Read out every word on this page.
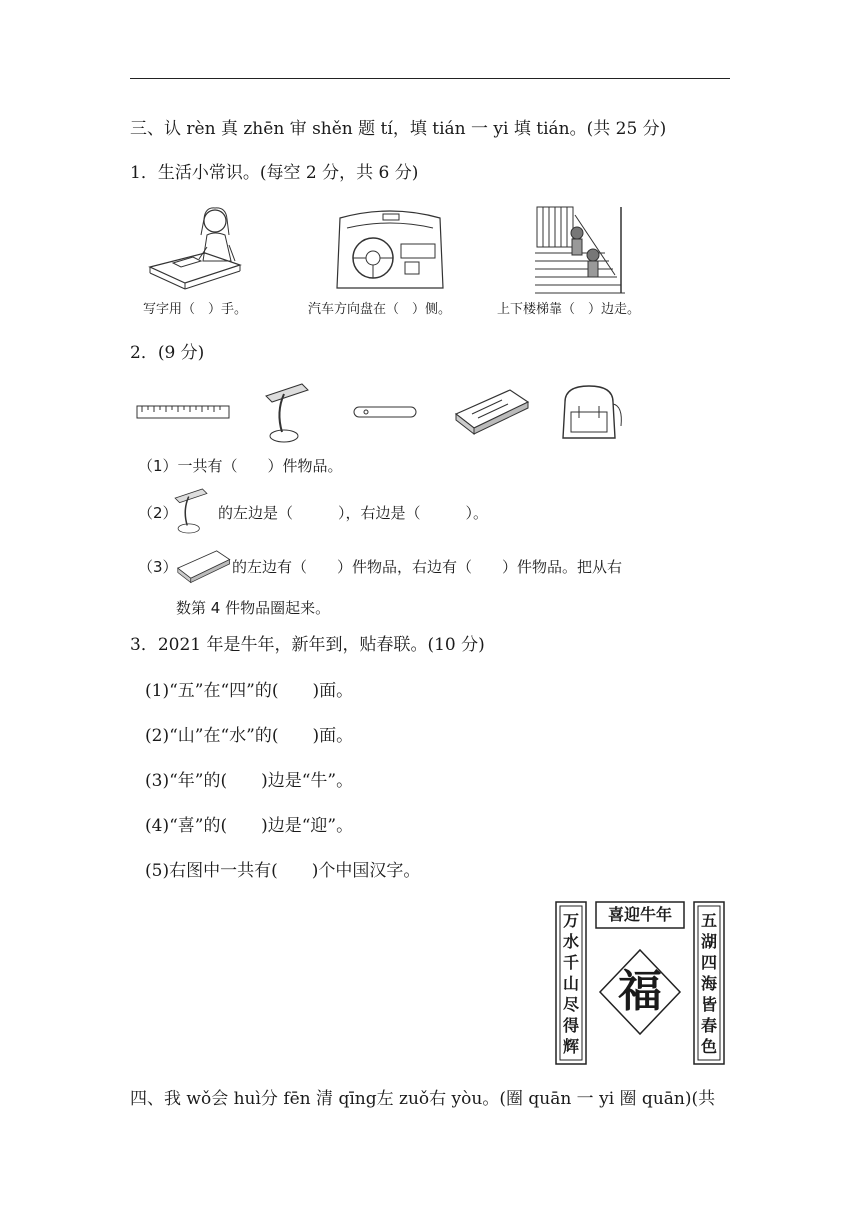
三、认 rèn 真 zhēn 审 shěn 题 tí，填 tián 一 yi 填 tián。(共 25 分)
1．生活小常识。(每空 2 分，共 6 分)
写字用（　）手。	汽车方向盘在（　）侧。	上下楼梯靠（　）边走。
2．(9 分)
（1）一共有（　　）件物品。
（2）	的左边是（　　　），右边是（　　　）。
（3）	的左边有（　　）件物品，右边有（　　）件物品。把从右
数第 4 件物品圈起来。
3．2021 年是牛年，新年到，贴春联。(10 分)
(1)“五”在“四”的(　　)面。
(2)“山”在“水”的(　　)面。
(3)“年”的(　　)边是“牛”。
(4)“喜”的(　　)边是“迎”。
(5)右图中一共有(　　)个中国汉字。
喜迎牛年
万
水
千
山
尽
得
辉
五
湖
四
海
皆
春
色
福
四、我 wǒ会 huì分 fēn 清 qīng左 zuǒ右 yòu。(圈 quān 一 yi 圈 quān)(共
